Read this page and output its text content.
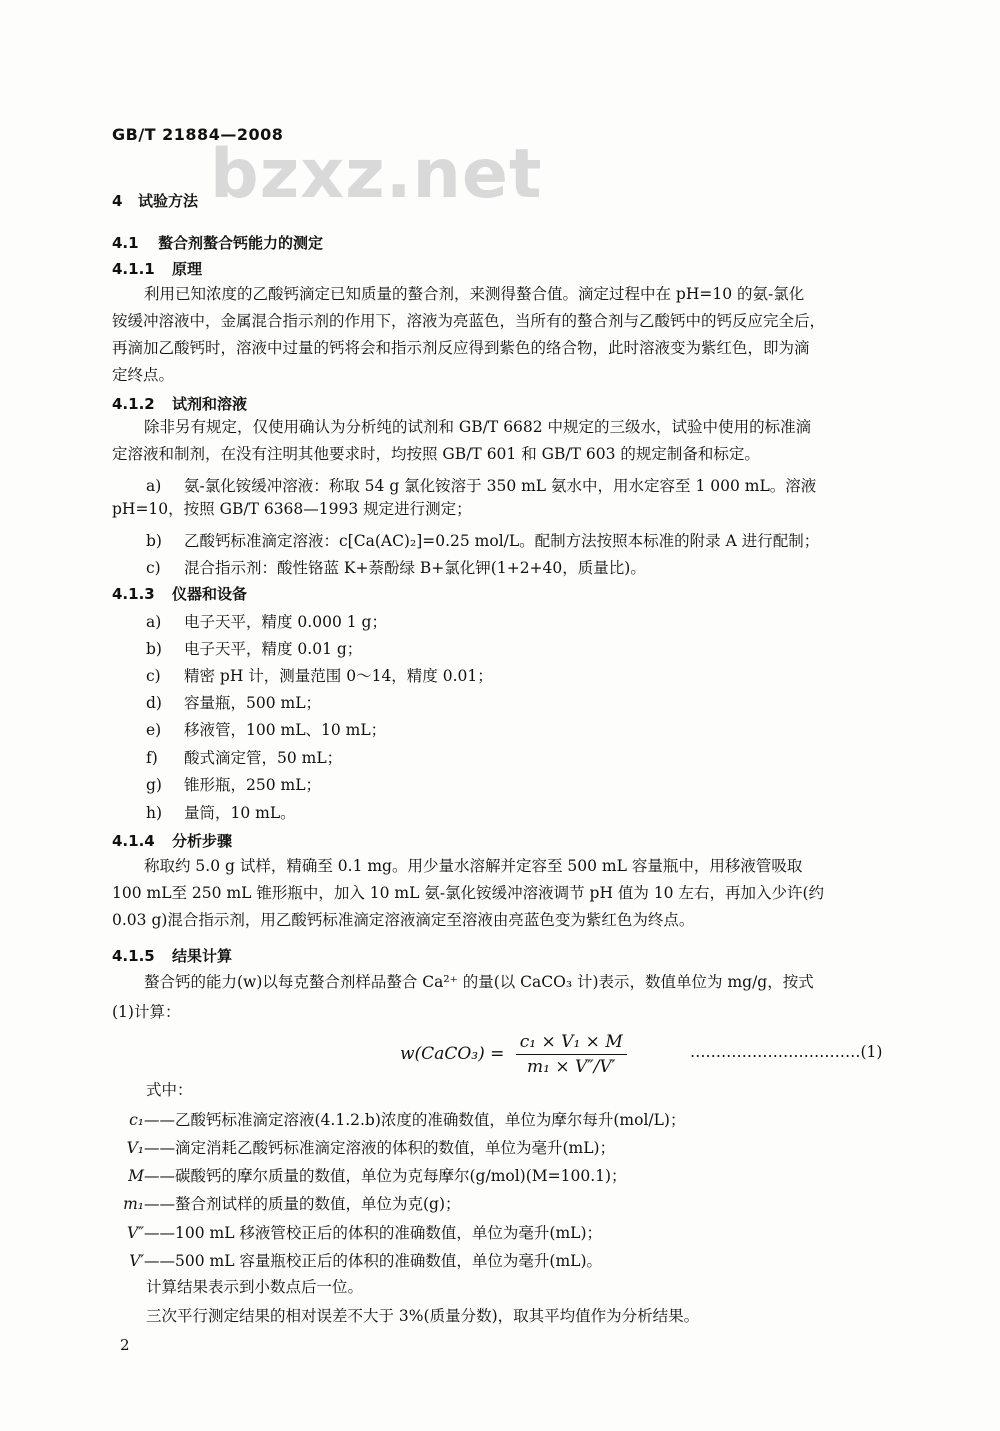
GB/T 21884—2008
bzxz.net
4 试验方法
4.1 螯合剂螯合钙能力的测定
4.1.1 原理
利用已知浓度的乙酸钙滴定已知质量的螯合剂，来测得螯合值。滴定过程中在 pH=10 的氨-氯化
铵缓冲溶液中，金属混合指示剂的作用下，溶液为亮蓝色，当所有的螯合剂与乙酸钙中的钙反应完全后，
再滴加乙酸钙时，溶液中过量的钙将会和指示剂反应得到紫色的络合物，此时溶液变为紫红色，即为滴
定终点。
4.1.2 试剂和溶液
除非另有规定，仅使用确认为分析纯的试剂和 GB/T 6682 中规定的三级水，试验中使用的标准滴
定溶液和制剂，在没有注明其他要求时，均按照 GB/T 601 和 GB/T 603 的规定制备和标定。
a) 氨-氯化铵缓冲溶液：称取 54 g 氯化铵溶于 350 mL 氨水中，用水定容至 1 000 mL。溶液
pH=10，按照 GB/T 6368—1993 规定进行测定；
b) 乙酸钙标准滴定溶液：c[Ca(AC)₂]=0.25 mol/L。配制方法按照本标准的附录 A 进行配制；
c) 混合指示剂：酸性铬蓝 K+萘酚绿 B+氯化钾(1+2+40，质量比)。
4.1.3 仪器和设备
a) 电子天平，精度 0.000 1 g；
b) 电子天平，精度 0.01 g；
c) 精密 pH 计，测量范围 0～14，精度 0.01；
d) 容量瓶，500 mL；
e) 移液管，100 mL、10 mL；
f) 酸式滴定管，50 mL；
g) 锥形瓶，250 mL；
h) 量筒，10 mL。
4.1.4 分析步骤
称取约 5.0 g 试样，精确至 0.1 mg。用少量水溶解并定容至 500 mL 容量瓶中，用移液管吸取
100 mL至 250 mL 锥形瓶中，加入 10 mL 氨-氯化铵缓冲溶液调节 pH 值为 10 左右，再加入少许(约
0.03 g)混合指示剂，用乙酸钙标准滴定溶液滴定至溶液由亮蓝色变为紫红色为终点。
4.1.5 结果计算
螯合钙的能力(w)以每克螯合剂样品螯合 Ca²⁺ 的量(以 CaCO₃ 计)表示，数值单位为 mg/g，按式
(1)计算：
w(CaCO₃) = $\frac{\text{c₁ × V₁ × M}}{\text{m₁ × V″/V′}}$	……………………………(1)
式中：
c₁——乙酸钙标准滴定溶液(4.1.2.b)浓度的准确数值，单位为摩尔每升(mol/L)；
V₁——滴定消耗乙酸钙标准滴定溶液的体积的数值，单位为毫升(mL)；
M——碳酸钙的摩尔质量的数值，单位为克每摩尔(g/mol)(M=100.1)；
m₁——螯合剂试样的质量的数值，单位为克(g)；
V″——100 mL 移液管校正后的体积的准确数值，单位为毫升(mL)；
V′——500 mL 容量瓶校正后的体积的准确数值，单位为毫升(mL)。
计算结果表示到小数点后一位。
三次平行测定结果的相对误差不大于 3%(质量分数)，取其平均值作为分析结果。
2
